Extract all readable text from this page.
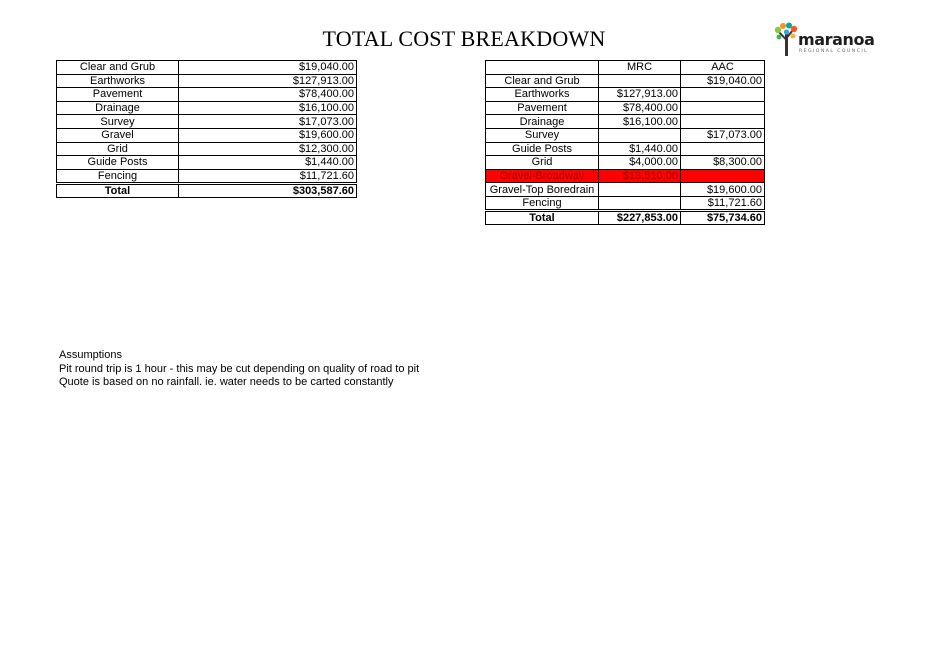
TOTAL COST BREAKDOWN	maranoa
REGIONAL COUNCIL
Clear and Grub	$19,040.00
Earthworks	$127,913.00
Pavement	$78,400.00
Drainage	$16,100.00
Survey	$17,073.00
Gravel	$19,600.00
Grid	$12,300.00
Guide Posts	$1,440.00
Fencing	$11,721.60
Total	$303,587.60
	MRC	AAC
Clear and Grub		$19,040.00
Earthworks	$127,913.00	
Pavement	$78,400.00	
Drainage	$16,100.00	
Survey		$17,073.00
Guide Posts	$1,440.00	
Grid	$4,000.00	$8,300.00
Gravel-Broadway	$13,510.00	
Gravel-Top Boredrain		$19,600.00
Fencing		$11,721.60
Total	$227,853.00	$75,734.60
Assumptions
Pit round trip is 1 hour - this may be cut depending on quality of road to pit
Quote is based on no rainfall. ie. water needs to be carted constantly
